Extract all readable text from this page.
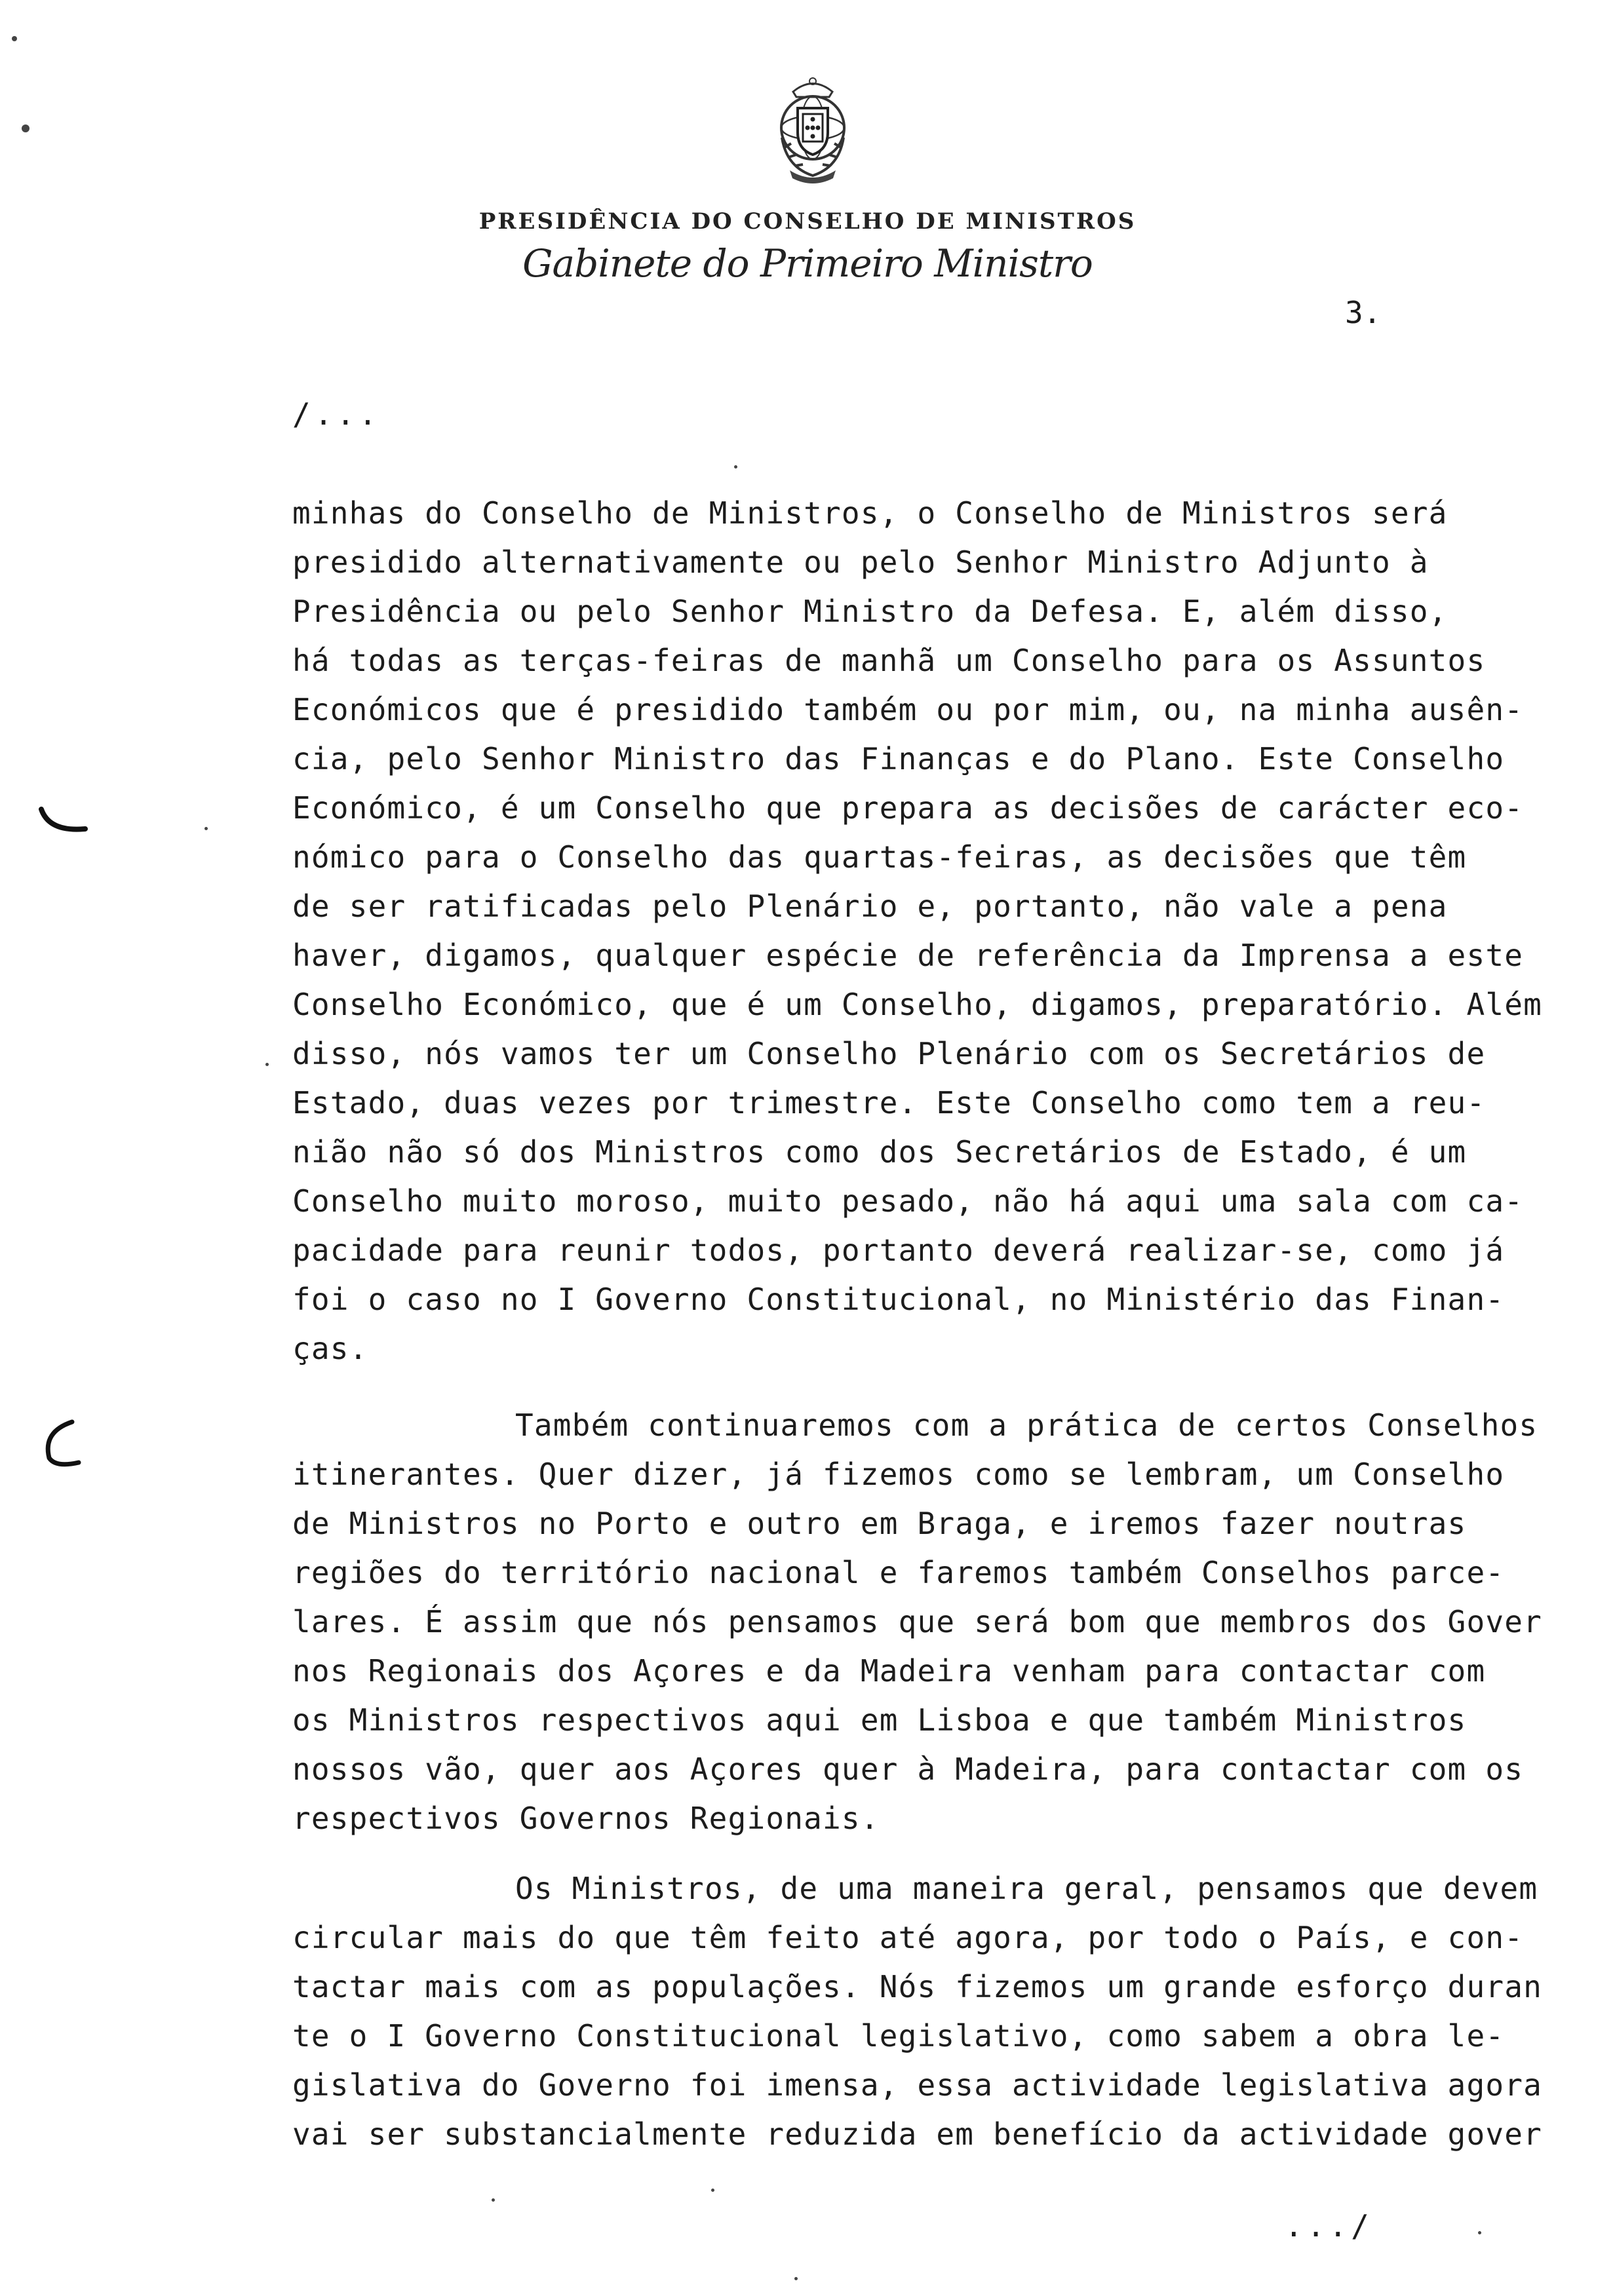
PRESIDÊNCIA DO CONSELHO DE MINISTROS
Gabinete do Primeiro Ministro
3.
/...
minhas do Conselho de Ministros, o Conselho de Ministros será
presidido alternativamente ou pelo Senhor Ministro Adjunto à
Presidência ou pelo Senhor Ministro da Defesa. E, além disso,
há todas as terças-feiras de manhã um Conselho para os Assuntos
Económicos que é presidido também ou por mim, ou, na minha ausên-
cia, pelo Senhor Ministro das Finanças e do Plano. Este Conselho
Económico, é um Conselho que prepara as decisões de carácter eco-
nómico para o Conselho das quartas-feiras, as decisões que têm
de ser ratificadas pelo Plenário e, portanto, não vale a pena
haver, digamos, qualquer espécie de referência da Imprensa a este
Conselho Económico, que é um Conselho, digamos, preparatório. Além
disso, nós vamos ter um Conselho Plenário com os Secretários de
Estado, duas vezes por trimestre. Este Conselho como tem a reu-
nião não só dos Ministros como dos Secretários de Estado, é um
Conselho muito moroso, muito pesado, não há aqui uma sala com ca-
pacidade para reunir todos, portanto deverá realizar-se, como já
foi o caso no I Governo Constitucional, no Ministério das Finan-
ças.
Também continuaremos com a prática de certos Conselhos
itinerantes. Quer dizer, já fizemos como se lembram, um Conselho
de Ministros no Porto e outro em Braga, e iremos fazer noutras
regiões do território nacional e faremos também Conselhos parce-
lares. É assim que nós pensamos que será bom que membros dos Gover
nos Regionais dos Açores e da Madeira venham para contactar com
os Ministros respectivos aqui em Lisboa e que também Ministros
nossos vão, quer aos Açores quer à Madeira, para contactar com os
respectivos Governos Regionais.
Os Ministros, de uma maneira geral, pensamos que devem
circular mais do que têm feito até agora, por todo o País, e con-
tactar mais com as populações. Nós fizemos um grande esforço duran
te o I Governo Constitucional legislativo, como sabem a obra le-
gislativa do Governo foi imensa, essa actividade legislativa agora
vai ser substancialmente reduzida em benefício da actividade gover
.../
